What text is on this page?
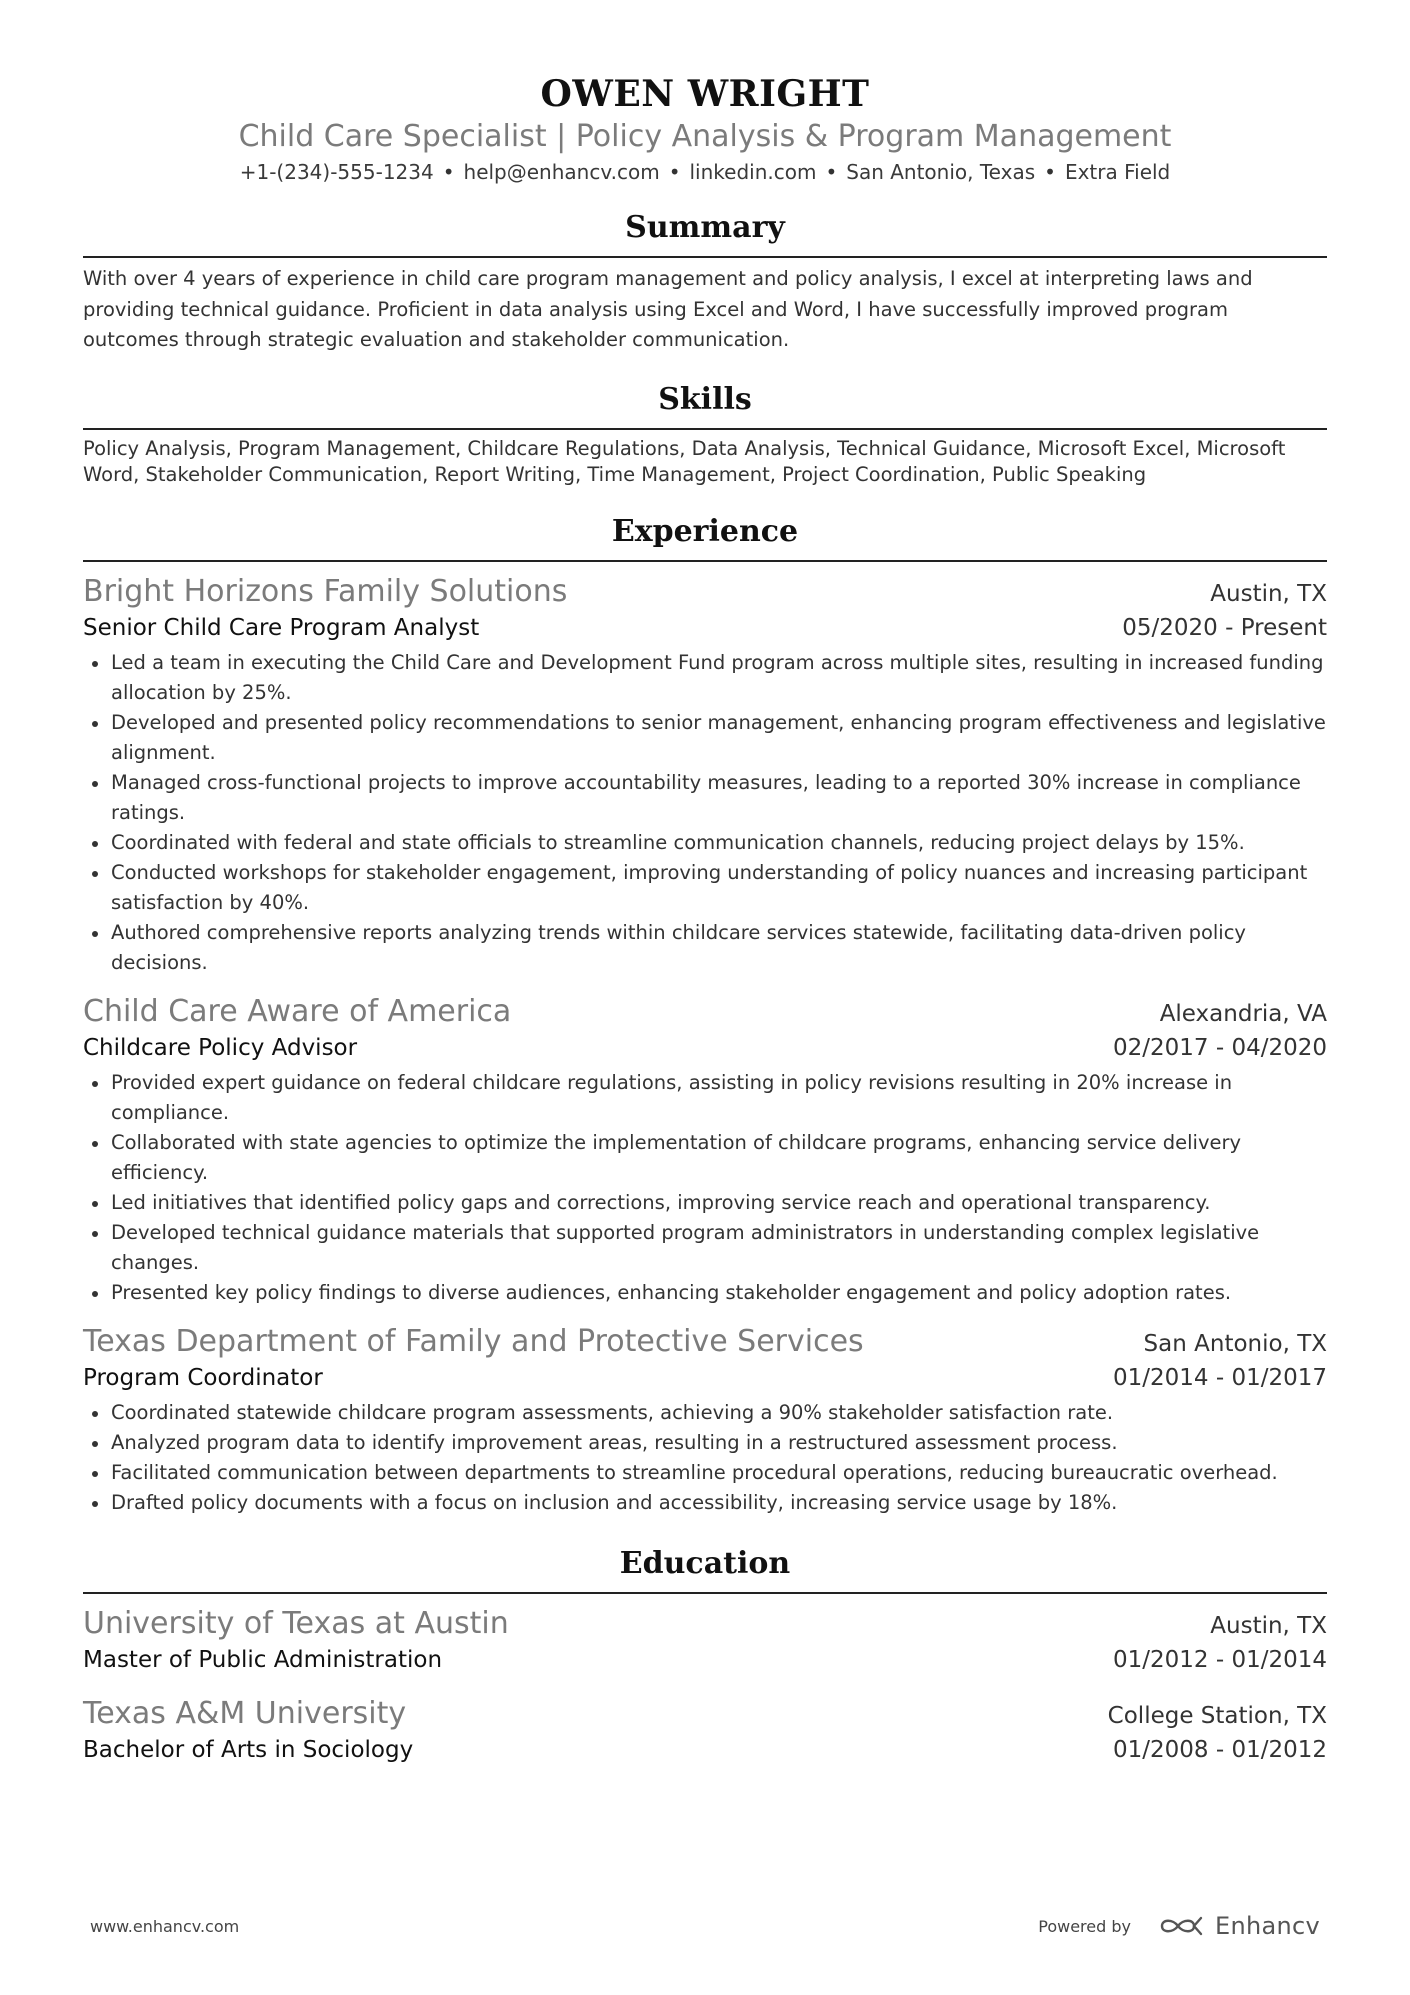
OWEN WRIGHT
Child Care Specialist | Policy Analysis & Program Management
+1-(234)-555-1234 • help@enhancv.com • linkedin.com • San Antonio, Texas • Extra Field
Summary
With over 4 years of experience in child care program management and policy analysis, I excel at interpreting laws and providing technical guidance. Proficient in data analysis using Excel and Word, I have successfully improved program outcomes through strategic evaluation and stakeholder communication.
Skills
Policy Analysis, Program Management, Childcare Regulations, Data Analysis, Technical Guidance, Microsoft Excel, Microsoft Word, Stakeholder Communication, Report Writing, Time Management, Project Coordination, Public Speaking
Experience
Bright Horizons Family Solutions	Austin, TX
Senior Child Care Program Analyst	05/2020 - Present
Led a team in executing the Child Care and Development Fund program across multiple sites, resulting in increased funding allocation by 25%.
Developed and presented policy recommendations to senior management, enhancing program effectiveness and legislative alignment.
Managed cross-functional projects to improve accountability measures, leading to a reported 30% increase in compliance ratings.
Coordinated with federal and state officials to streamline communication channels, reducing project delays by 15%.
Conducted workshops for stakeholder engagement, improving understanding of policy nuances and increasing participant satisfaction by 40%.
Authored comprehensive reports analyzing trends within childcare services statewide, facilitating data-driven policy decisions.
Child Care Aware of America	Alexandria, VA
Childcare Policy Advisor	02/2017 - 04/2020
Provided expert guidance on federal childcare regulations, assisting in policy revisions resulting in 20% increase in compliance.
Collaborated with state agencies to optimize the implementation of childcare programs, enhancing service delivery efficiency.
Led initiatives that identified policy gaps and corrections, improving service reach and operational transparency.
Developed technical guidance materials that supported program administrators in understanding complex legislative changes.
Presented key policy findings to diverse audiences, enhancing stakeholder engagement and policy adoption rates.
Texas Department of Family and Protective Services	San Antonio, TX
Program Coordinator	01/2014 - 01/2017
Coordinated statewide childcare program assessments, achieving a 90% stakeholder satisfaction rate.
Analyzed program data to identify improvement areas, resulting in a restructured assessment process.
Facilitated communication between departments to streamline procedural operations, reducing bureaucratic overhead.
Drafted policy documents with a focus on inclusion and accessibility, increasing service usage by 18%.
Education
University of Texas at Austin	Austin, TX
Master of Public Administration	01/2012 - 01/2014
Texas A&M University	College Station, TX
Bachelor of Arts in Sociology	01/2008 - 01/2012
www.enhancv.com	Powered by	Enhancv
